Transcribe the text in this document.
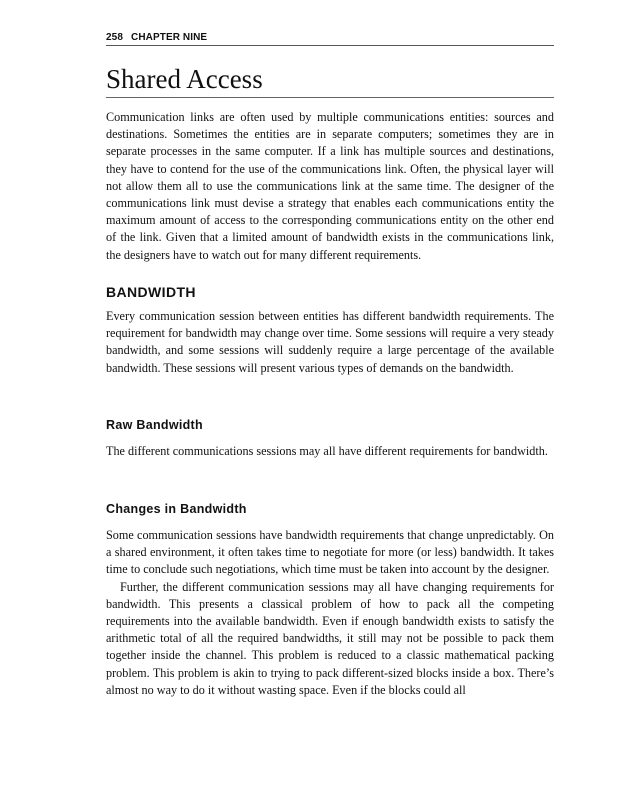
258 CHAPTER NINE
Shared Access

Communication links are often used by multiple communications entities: sources and destinations. Sometimes the entities are in separate computers; sometimes they are in separate processes in the same computer. If a link has multiple sources and destinations, they have to contend for the use of the communications link. Often, the physical layer will not allow them all to use the communications link at the same time. The designer of the communications link must devise a strategy that enables each communications entity the maximum amount of access to the corresponding communications entity on the other end of the link. Given that a limited amount of bandwidth exists in the communications link, the designers have to watch out for many different requirements.

BANDWIDTH

Every communication session between entities has different bandwidth requirements. The requirement for bandwidth may change over time. Some sessions will require a very steady bandwidth, and some sessions will suddenly require a large percentage of the available bandwidth. These sessions will present various types of demands on the bandwidth.

Raw Bandwidth

The different communications sessions may all have different requirements for bandwidth.

Changes in Bandwidth

Some communication sessions have bandwidth requirements that change unpredictably. On a shared environment, it often takes time to negotiate for more (or less) bandwidth. It takes time to conclude such negotiations, which time must be taken into account by the designer.

Further, the different communication sessions may all have changing requirements for bandwidth. This presents a classical problem of how to pack all the competing requirements into the available bandwidth. Even if enough bandwidth exists to satisfy the arithmetic total of all the required bandwidths, it still may not be possible to pack them together inside the channel. This problem is reduced to a classic mathematical packing problem. This problem is akin to trying to pack different-sized blocks inside a box. There’s almost no way to do it without wasting space. Even if the blocks could all
